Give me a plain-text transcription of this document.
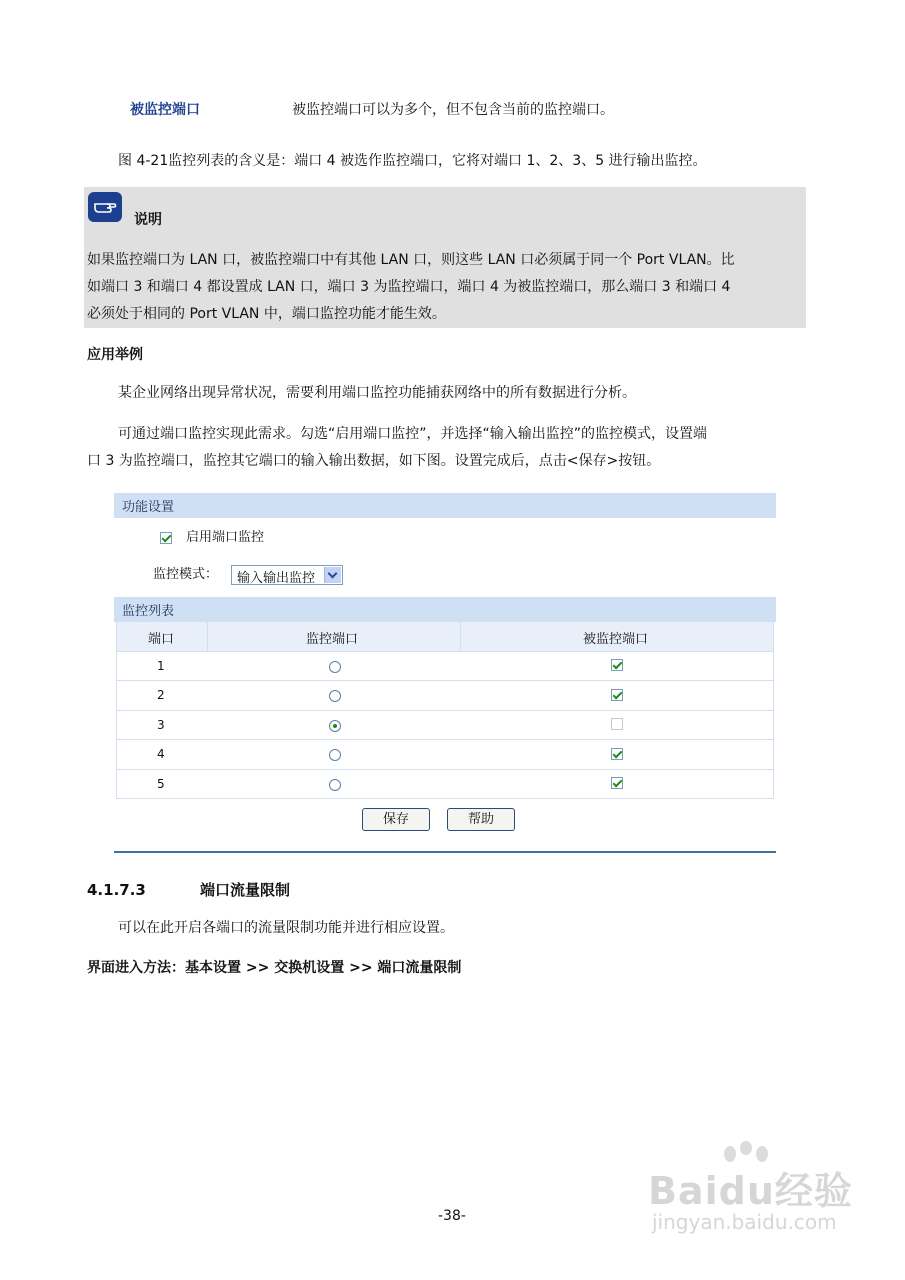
被监控端口	被监控端口可以为多个，但不包含当前的监控端口。
图 4-21监控列表的含义是：端口 4 被选作监控端口，它将对端口 1、2、3、5 进行输出监控。
说明
如果监控端口为 LAN 口，被监控端口中有其他 LAN 口，则这些 LAN 口必须属于同一个 Port VLAN。比
如端口 3 和端口 4 都设置成 LAN 口，端口 3 为监控端口，端口 4 为被监控端口，那么端口 3 和端口 4
必须处于相同的 Port VLAN 中，端口监控功能才能生效。
应用举例
某企业网络出现异常状况，需要利用端口监控功能捕获网络中的所有数据进行分析。
可通过端口监控实现此需求。勾选“启用端口监控”，并选择“输入输出监控”的监控模式，设置端
口 3 为监控端口，监控其它端口的输入输出数据，如下图。设置完成后，点击<保存>按钮。
功能设置
启用端口监控
监控模式： 输入输出监控
监控列表
端口	监控端口	被监控端口
1
2
3
4
5
保存	帮助
4.1.7.3	端口流量限制
可以在此开启各端口的流量限制功能并进行相应设置。
界面进入方法：基本设置 >> 交换机设置 >> 端口流量限制
-38-
Baidu经验
jingyan.baidu.com
